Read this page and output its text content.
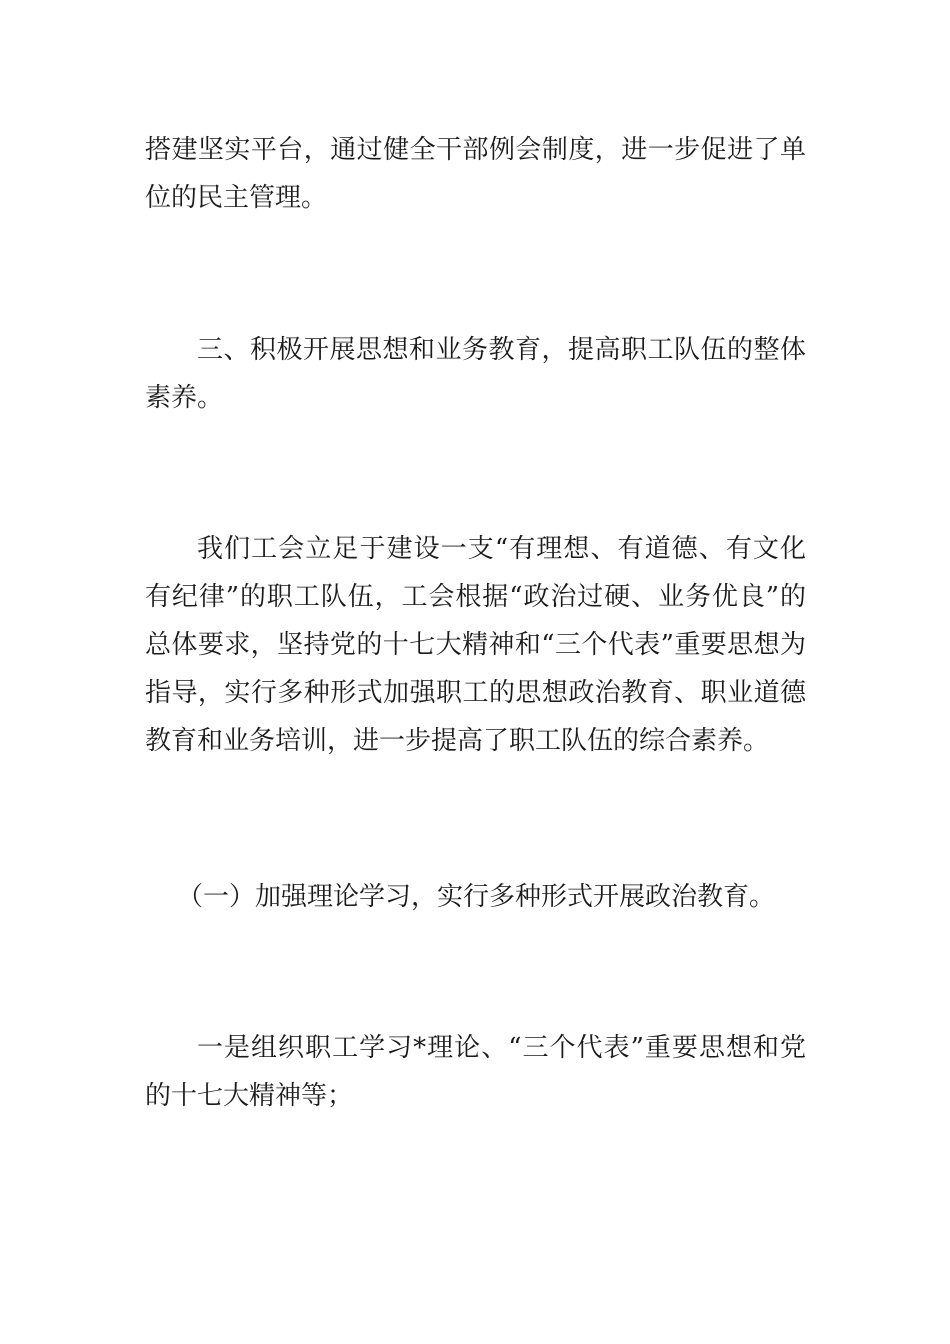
搭建坚实平台，通过健全干部例会制度，进一步促进了单位的民主管理。

三、积极开展思想和业务教育，提高职工队伍的整体素养。

我们工会立足于建设一支“有理想、有道德、有文化有纪律”的职工队伍，工会根据“政治过硬、业务优良”的总体要求，坚持党的十七大精神和“三个代表”重要思想为指导，实行多种形式加强职工的思想政治教育、职业道德教育和业务培训，进一步提高了职工队伍的综合素养。

（一）加强理论学习，实行多种形式开展政治教育。

一是组织职工学习*理论、“三个代表”重要思想和党的十七大精神等；
